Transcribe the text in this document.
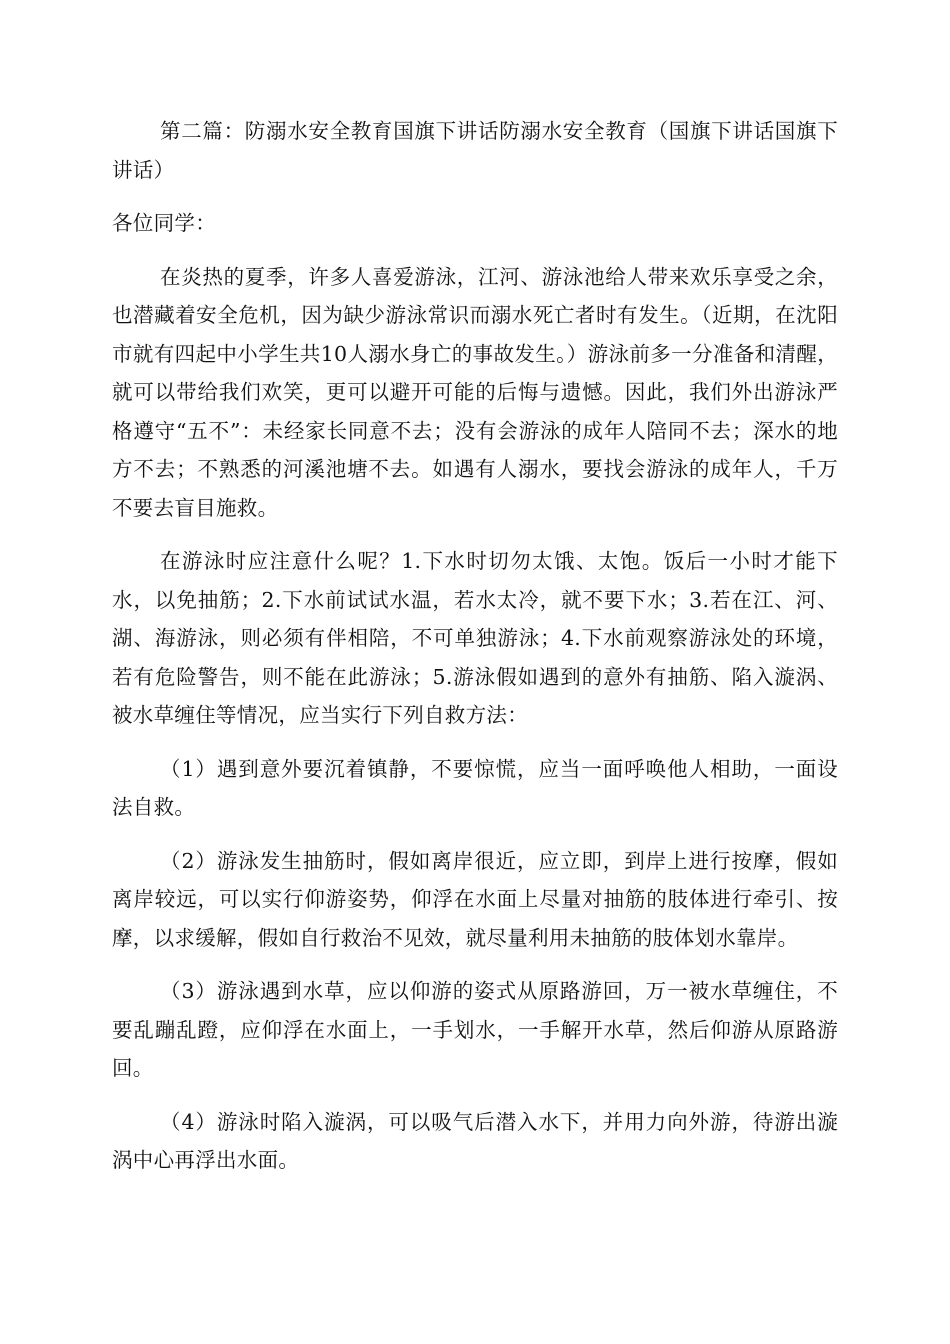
第二篇：防溺水安全教育国旗下讲话防溺水安全教育（国旗下讲话国旗下讲话）

各位同学：

在炎热的夏季，许多人喜爱游泳，江河、游泳池给人带来欢乐享受之余，也潜藏着安全危机，因为缺少游泳常识而溺水死亡者时有发生。（近期，在沈阳市就有四起中小学生共10人溺水身亡的事故发生。）游泳前多一分准备和清醒，就可以带给我们欢笑，更可以避开可能的后悔与遗憾。因此，我们外出游泳严格遵守“五不”：未经家长同意不去；没有会游泳的成年人陪同不去；深水的地方不去；不熟悉的河溪池塘不去。如遇有人溺水，要找会游泳的成年人，千万不要去盲目施救。

在游泳时应注意什么呢？1.下水时切勿太饿、太饱。饭后一小时才能下水，以免抽筋；2.下水前试试水温，若水太冷，就不要下水；3.若在江、河、湖、海游泳，则必须有伴相陪，不可单独游泳；4.下水前观察游泳处的环境，若有危险警告，则不能在此游泳；5.游泳假如遇到的意外有抽筋、陷入漩涡、被水草缠住等情况，应当实行下列自救方法：

（1）遇到意外要沉着镇静，不要惊慌，应当一面呼唤他人相助，一面设法自救。

（2）游泳发生抽筋时，假如离岸很近，应立即，到岸上进行按摩，假如离岸较远，可以实行仰游姿势，仰浮在水面上尽量对抽筋的肢体进行牵引、按摩，以求缓解，假如自行救治不见效，就尽量利用未抽筋的肢体划水靠岸。

（3）游泳遇到水草，应以仰游的姿式从原路游回，万一被水草缠住，不要乱蹦乱蹬，应仰浮在水面上，一手划水，一手解开水草，然后仰游从原路游回。

（4）游泳时陷入漩涡，可以吸气后潜入水下，并用力向外游，待游出漩涡中心再浮出水面。
